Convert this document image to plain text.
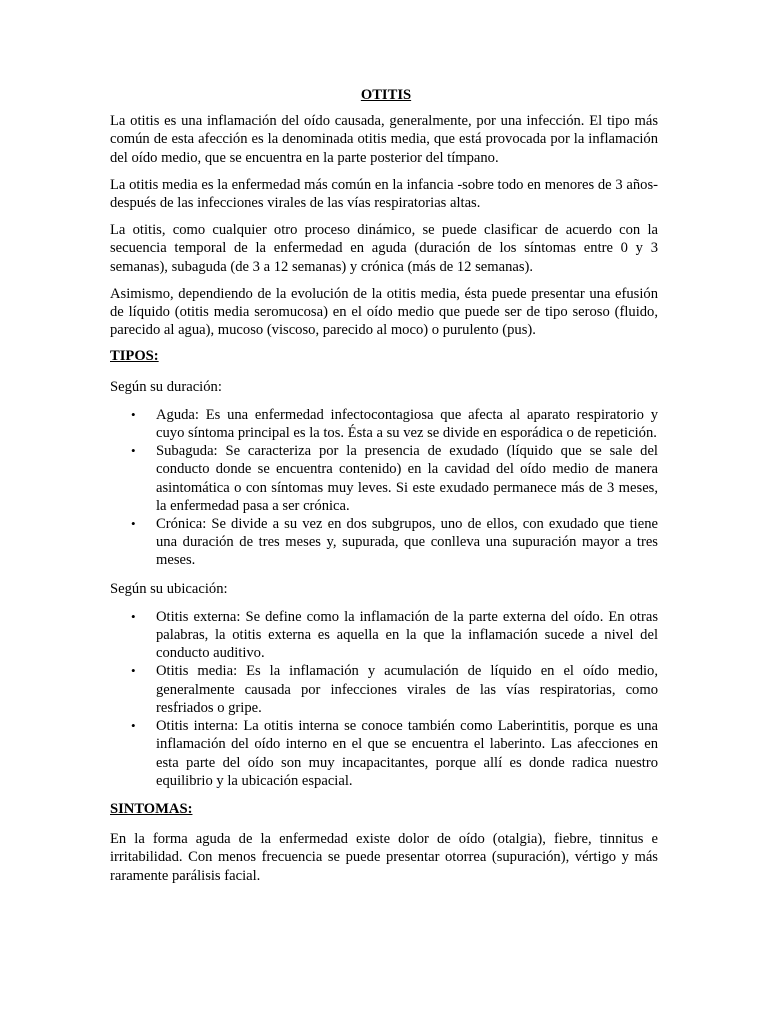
OTITIS

La otitis es una inflamación del oído causada, generalmente, por una infección. El tipo más común de esta afección es la denominada otitis media, que está provocada por la inflamación del oído medio, que se encuentra en la parte posterior del tímpano.

La otitis media es la enfermedad más común en la infancia -sobre todo en menores de 3 años- después de las infecciones virales de las vías respiratorias altas.

La otitis, como cualquier otro proceso dinámico, se puede clasificar de acuerdo con la secuencia temporal de la enfermedad en aguda (duración de los síntomas entre 0 y 3 semanas), subaguda (de 3 a 12 semanas) y crónica (más de 12 semanas).

Asimismo, dependiendo de la evolución de la otitis media, ésta puede presentar una efusión de líquido (otitis media seromucosa) en el oído medio que puede ser de tipo seroso (fluido, parecido al agua), mucoso (viscoso, parecido al moco) o purulento (pus).

TIPOS:
Según su duración:
• Aguda: Es una enfermedad infectocontagiosa que afecta al aparato respiratorio y cuyo síntoma principal es la tos. Ésta a su vez se divide en esporádica o de repetición.
• Subaguda: Se caracteriza por la presencia de exudado (líquido que se sale del conducto donde se encuentra contenido) en la cavidad del oído medio de manera asintomática o con síntomas muy leves. Si este exudado permanece más de 3 meses, la enfermedad pasa a ser crónica.
• Crónica: Se divide a su vez en dos subgrupos, uno de ellos, con exudado que tiene una duración de tres meses y, supurada, que conlleva una supuración mayor a tres meses.
Según su ubicación:
• Otitis externa: Se define como la inflamación de la parte externa del oído. En otras palabras, la otitis externa es aquella en la que la inflamación sucede a nivel del conducto auditivo.
• Otitis media: Es la inflamación y acumulación de líquido en el oído medio, generalmente causada por infecciones virales de las vías respiratorias, como resfriados o gripe.
• Otitis interna: La otitis interna se conoce también como Laberintitis, porque es una inflamación del oído interno en el que se encuentra el laberinto. Las afecciones en esta parte del oído son muy incapacitantes, porque allí es donde radica nuestro equilibrio y la ubicación espacial.
SINTOMAS:

En la forma aguda de la enfermedad existe dolor de oído (otalgia), fiebre, tinnitus e irritabilidad. Con menos frecuencia se puede presentar otorrea (supuración), vértigo y más raramente parálisis facial.
